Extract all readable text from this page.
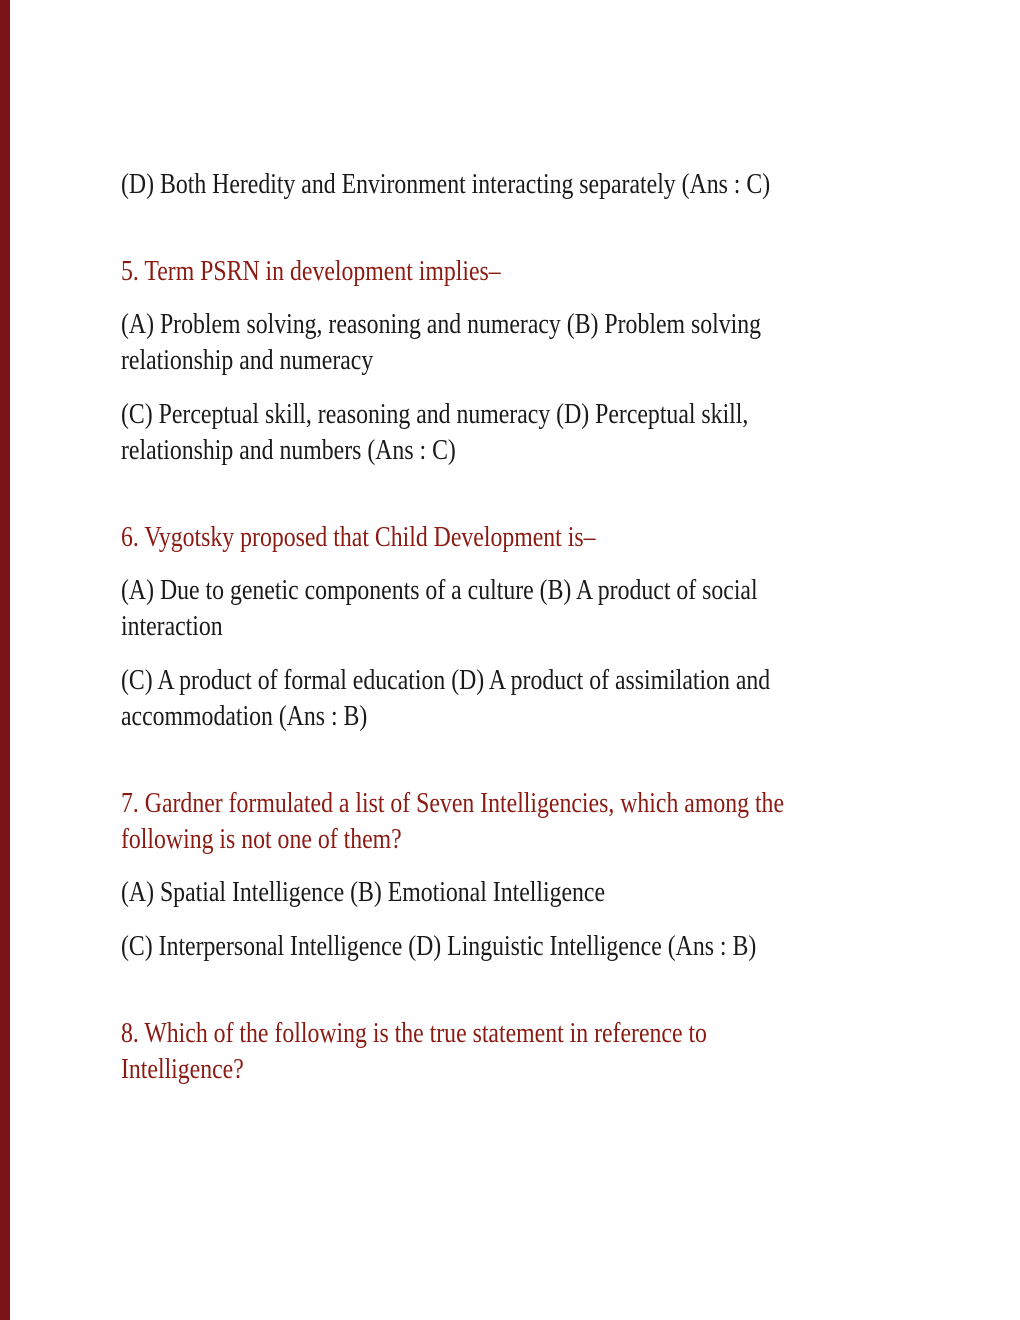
(D) Both Heredity and Environment interacting separately (Ans : C)
5. Term PSRN in development implies–
(A) Problem solving, reasoning and numeracy (B) Problem solving
relationship and numeracy
(C) Perceptual skill, reasoning and numeracy (D) Perceptual skill,
relationship and numbers (Ans : C)
6. Vygotsky proposed that Child Development is–
(A) Due to genetic components of a culture (B) A product of social
interaction
(C) A product of formal education (D) A product of assimilation and
accommodation (Ans : B)
7. Gardner formulated a list of Seven Intelligencies, which among the
following is not one of them?
(A) Spatial Intelligence (B) Emotional Intelligence
(C) Interpersonal Intelligence (D) Linguistic Intelligence (Ans : B)
8. Which of the following is the true statement in reference to
Intelligence?
